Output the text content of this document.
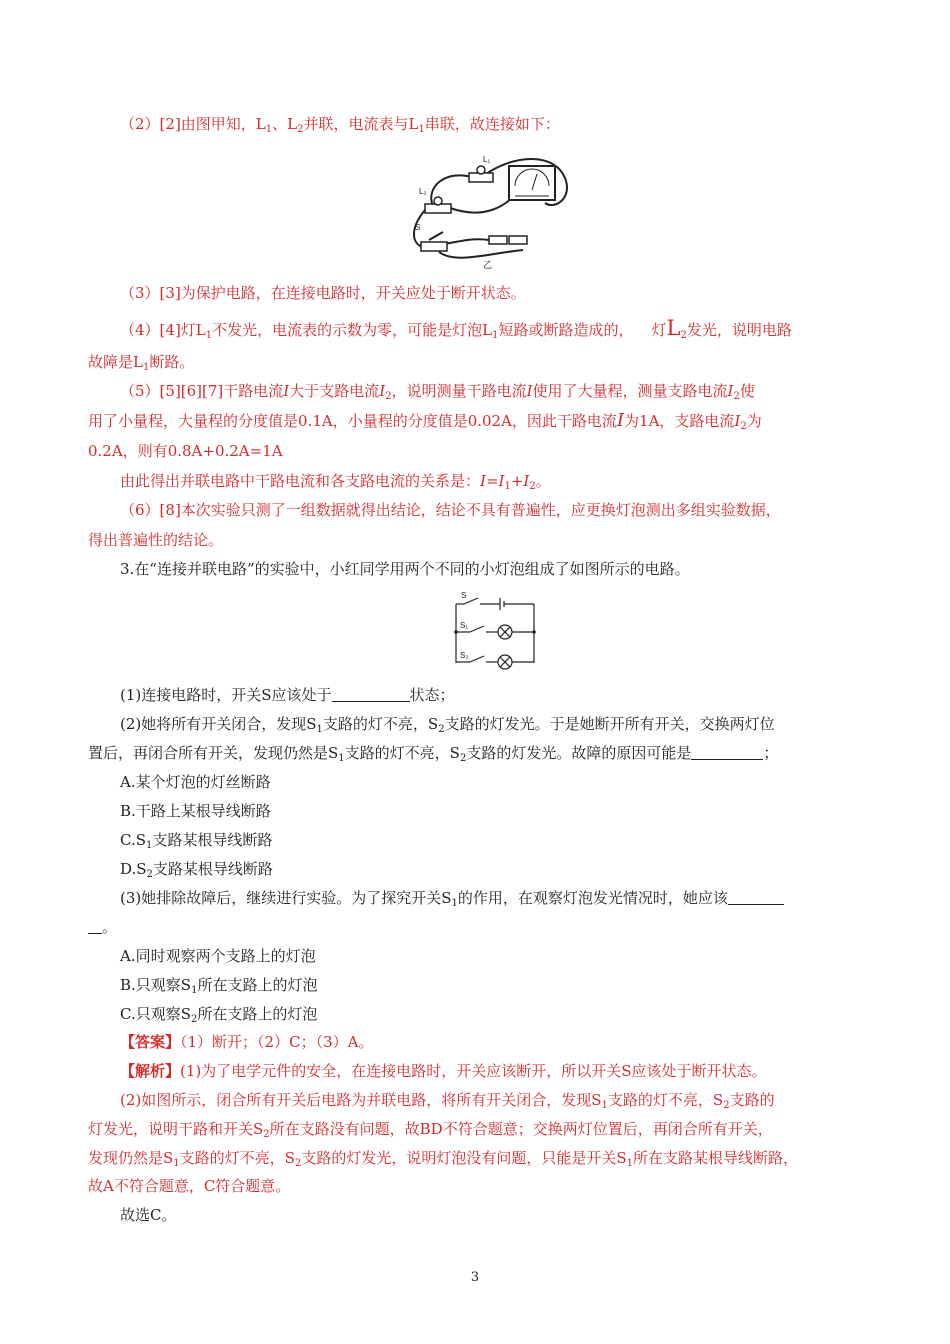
（2）[2]由图甲知，$L_1$、$L_2$并联，电流表与$L_1$串联，故连接如下：
L₁
L₂
S
乙
（3）[3]为保护电路，在连接电路时，开关应处于断开状态。
（4）[4]灯$L_1$不发光，电流表的示数为零，可能是灯泡$L_1$短路或断路造成的， 灯$L_2$发光，说明电路
故障是$L_1$断路。
（5）[5][6][7]干路电流I大于支路电流$I_2$，说明测量干路电流I使用了大量程，测量支路电流$I_2$使
用了小量程，大量程的分度值是0.1A，小量程的分度值是0.02A，因此干路电流I为1A，支路电流$I_2$为
0.2A，则有0.8A+0.2A=1A
由此得出并联电路中干路电流和各支路电流的关系是：$I=I_1+I_2$。
（6）[8]本次实验只测了一组数据就得出结论，结论不具有普遍性，应更换灯泡测出多组实验数据，
得出普遍性的结论。
3.在“连接并联电路”的实验中，小红同学用两个不同的小灯泡组成了如图所示的电路。
S
S₁
S₂
(1)连接电路时，开关S应该处于	状态；
(2)她将所有开关闭合，发现$S_1$支路的灯不亮，$S_2$支路的灯发光。于是她断开所有开关，交换两灯位
置后，再闭合所有开关，发现仍然是$S_1$支路的灯不亮，$S_2$支路的灯发光。故障的原因可能是	；
A.某个灯泡的灯丝断路
B.干路上某根导线断路
$C.S_1$支路某根导线断路
$D.S_2$支路某根导线断路
(3)她排除故障后，继续进行实验。为了探究开关$S_1$的作用，在观察灯泡发光情况时，她应该
。
A.同时观察两个支路上的灯泡
B.只观察$S_1$所在支路上的灯泡
C.只观察$S_2$所在支路上的灯泡
【答案】（1）断开；（2）C；（3）A。
【解析】(1)为了电学元件的安全，在连接电路时，开关应该断开，所以开关S应该处于断开状态。
(2)如图所示，闭合所有开关后电路为并联电路，将所有开关闭合，发现$S_1$支路的灯不亮，$S_2$支路的
灯发光，说明干路和开关$S_2$所在支路没有问题，故BD不符合题意；交换两灯位置后，再闭合所有开关，
发现仍然是$S_1$支路的灯不亮，$S_2$支路的灯发光，说明灯泡没有问题，只能是开关$S_1$所在支路某根导线断路，
故A不符合题意，C符合题意。
故选C。
3
